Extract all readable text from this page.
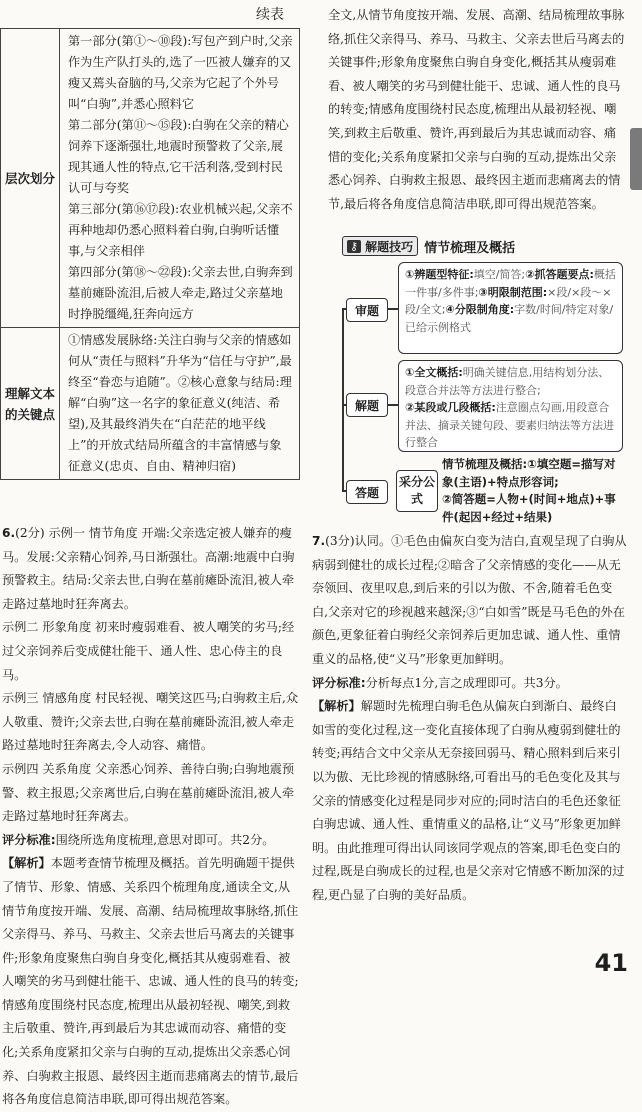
续表
层次划分	第一部分(第①～⑩段):写包产到户时,父亲作为生产队打头的,选了一匹被人嫌弃的又瘦又蔫头奋脑的马,父亲为它起了个外号叫“白驹”,并悉心照料它

第二部分(第⑪～⑮段):白驹在父亲的精心饲养下逐渐强壮,地震时预警救了父亲,展现其通人性的特点,它干活利落,受到村民认可与夸奖

第三部分(第⑯⑰段):农业机械兴起,父亲不再种地却仍悉心照料着白驹,白驹听话懂事,与父亲相伴

第四部分(第⑱～㉒段):父亲去世,白驹奔到墓前瘫卧流泪,后被人牵走,路过父亲墓地时挣脱缰绳,狂奔向远方

理解文本的关键点	①情感发展脉络:关注白驹与父亲的情感如何从“责任与照料”升华为“信任与守护”,最终至“眷恋与追随”。②核心意象与结局:理解“白驹”这一名字的象征意义(纯洁、希望),及其最终消失在“白茫茫的地平线上”的开放式结局所蕴含的丰富情感与象征意义(忠贞、自由、精神归宿)

6.(2分) 示例一 情节角度 开端:父亲选定被人嫌弃的瘦马。发展:父亲精心饲养,马日渐强壮。高潮:地震中白驹预警救主。结局:父亲去世,白驹在墓前瘫卧流泪,被人牵走路过墓地时狂奔离去。

示例二 形象角度 初来时瘦弱难看、被人嘲笑的劣马;经过父亲饲养后变成健壮能干、通人性、忠心侍主的良马。

示例三 情感角度 村民轻视、嘲笑这匹马;白驹救主后,众人敬重、赞许;父亲去世,白驹在墓前瘫卧流泪,被人牵走路过墓地时狂奔离去,令人动容、痛惜。

示例四 关系角度 父亲悉心饲养、善待白驹;白驹地震预警、救主报恩;父亲离世后,白驹在墓前瘫卧流泪,被人牵走路过墓地时狂奔离去。

评分标准:围绕所选角度梳理,意思对即可。共2分。

【解析】本题考查情节梳理及概括。首先明确题干提供了情节、形象、情感、关系四个梳理角度,通读全文,从情节角度按开端、发展、高潮、结局梳理故事脉络,抓住父亲得马、养马、马救主、父亲去世后马离去的关键事件;形象角度聚焦白驹自身变化,概括其从瘦弱难看、被人嘲笑的劣马到健壮能干、忠诚、通人性的良马的转变;情感角度围绕村民态度,梳理出从最初轻视、嘲笑,到救主后敬重、赞许,再到最后为其忠诚而动容、痛惜的变化;关系角度紧扣父亲与白驹的互动,提炼出父亲悉心饲养、白驹救主报恩、最终因主逝而悲痛离去的情节,最后将各角度信息简洁串联,即可得出规范答案。

⚷ 解题技巧 情节梳理及概括
审题
①辨题型特征:填空/简答;②抓答题要点:概括一件事/多件事;③明限制范围:×段/×段～×段/全文;④分限制角度:字数/时间/特定对象/已给示例格式
解题
①全文概括:明确关键信息,用结构划分法、段意合并法等方法进行整合;
②某段或几段概括:注意圈点勾画,用段意合并法、摘录关键句段、要素归纳法等方法进行整合
答题
采分公式
情节梳理及概括:①填空题=描写对象(主语)+特点形容词;
②简答题=人物+(时间+地点)+事件(起因+经过+结果)

全文,从情节角度按开端、发展、高潮、结局梳理故事脉络,抓住父亲得马、养马、马救主、父亲去世后马离去的关键事件;形象角度聚焦白驹自身变化,概括其从瘦弱难看、被人嘲笑的劣马到健壮能干、忠诚、通人性的良马的转变;情感角度围绕村民态度,梳理出从最初轻视、嘲笑,到救主后敬重、赞许,再到最后为其忠诚而动容、痛惜的变化;关系角度紧扣父亲与白驹的互动,提炼出父亲悉心饲养、白驹救主报恩、最终因主逝而悲痛离去的情节,最后将各角度信息简洁串联,即可得出规范答案。

7.(3分)认同。①毛色由偏灰白变为洁白,直观呈现了白驹从病弱到健壮的成长过程;②暗含了父亲情感的变化——从无奈领回、夜里叹息,到后来的引以为傲、不舍,随着毛色变白,父亲对它的珍视越来越深;③“白如雪”既是马毛色的外在颜色,更象征着白驹经父亲饲养后更加忠诚、通人性、重情重义的品格,使“义马”形象更加鲜明。

评分标准:分析每点1分,言之成理即可。共3分。

【解析】解题时先梳理白驹毛色从偏灰白到渐白、最终白如雪的变化过程,这一变化直接体现了白驹从瘦弱到健壮的转变;再结合文中父亲从无奈接回弱马、精心照料到后来引以为傲、无比珍视的情感脉络,可看出马的毛色变化及其与父亲的情感变化过程是同步对应的;同时洁白的毛色还象征白驹忠诚、通人性、重情重义的品格,让“义马”形象更加鲜明。由此推理可得出认同该同学观点的答案,即毛色变白的过程,既是白驹成长的过程,也是父亲对它情感不断加深的过程,更凸显了白驹的美好品质。

41
